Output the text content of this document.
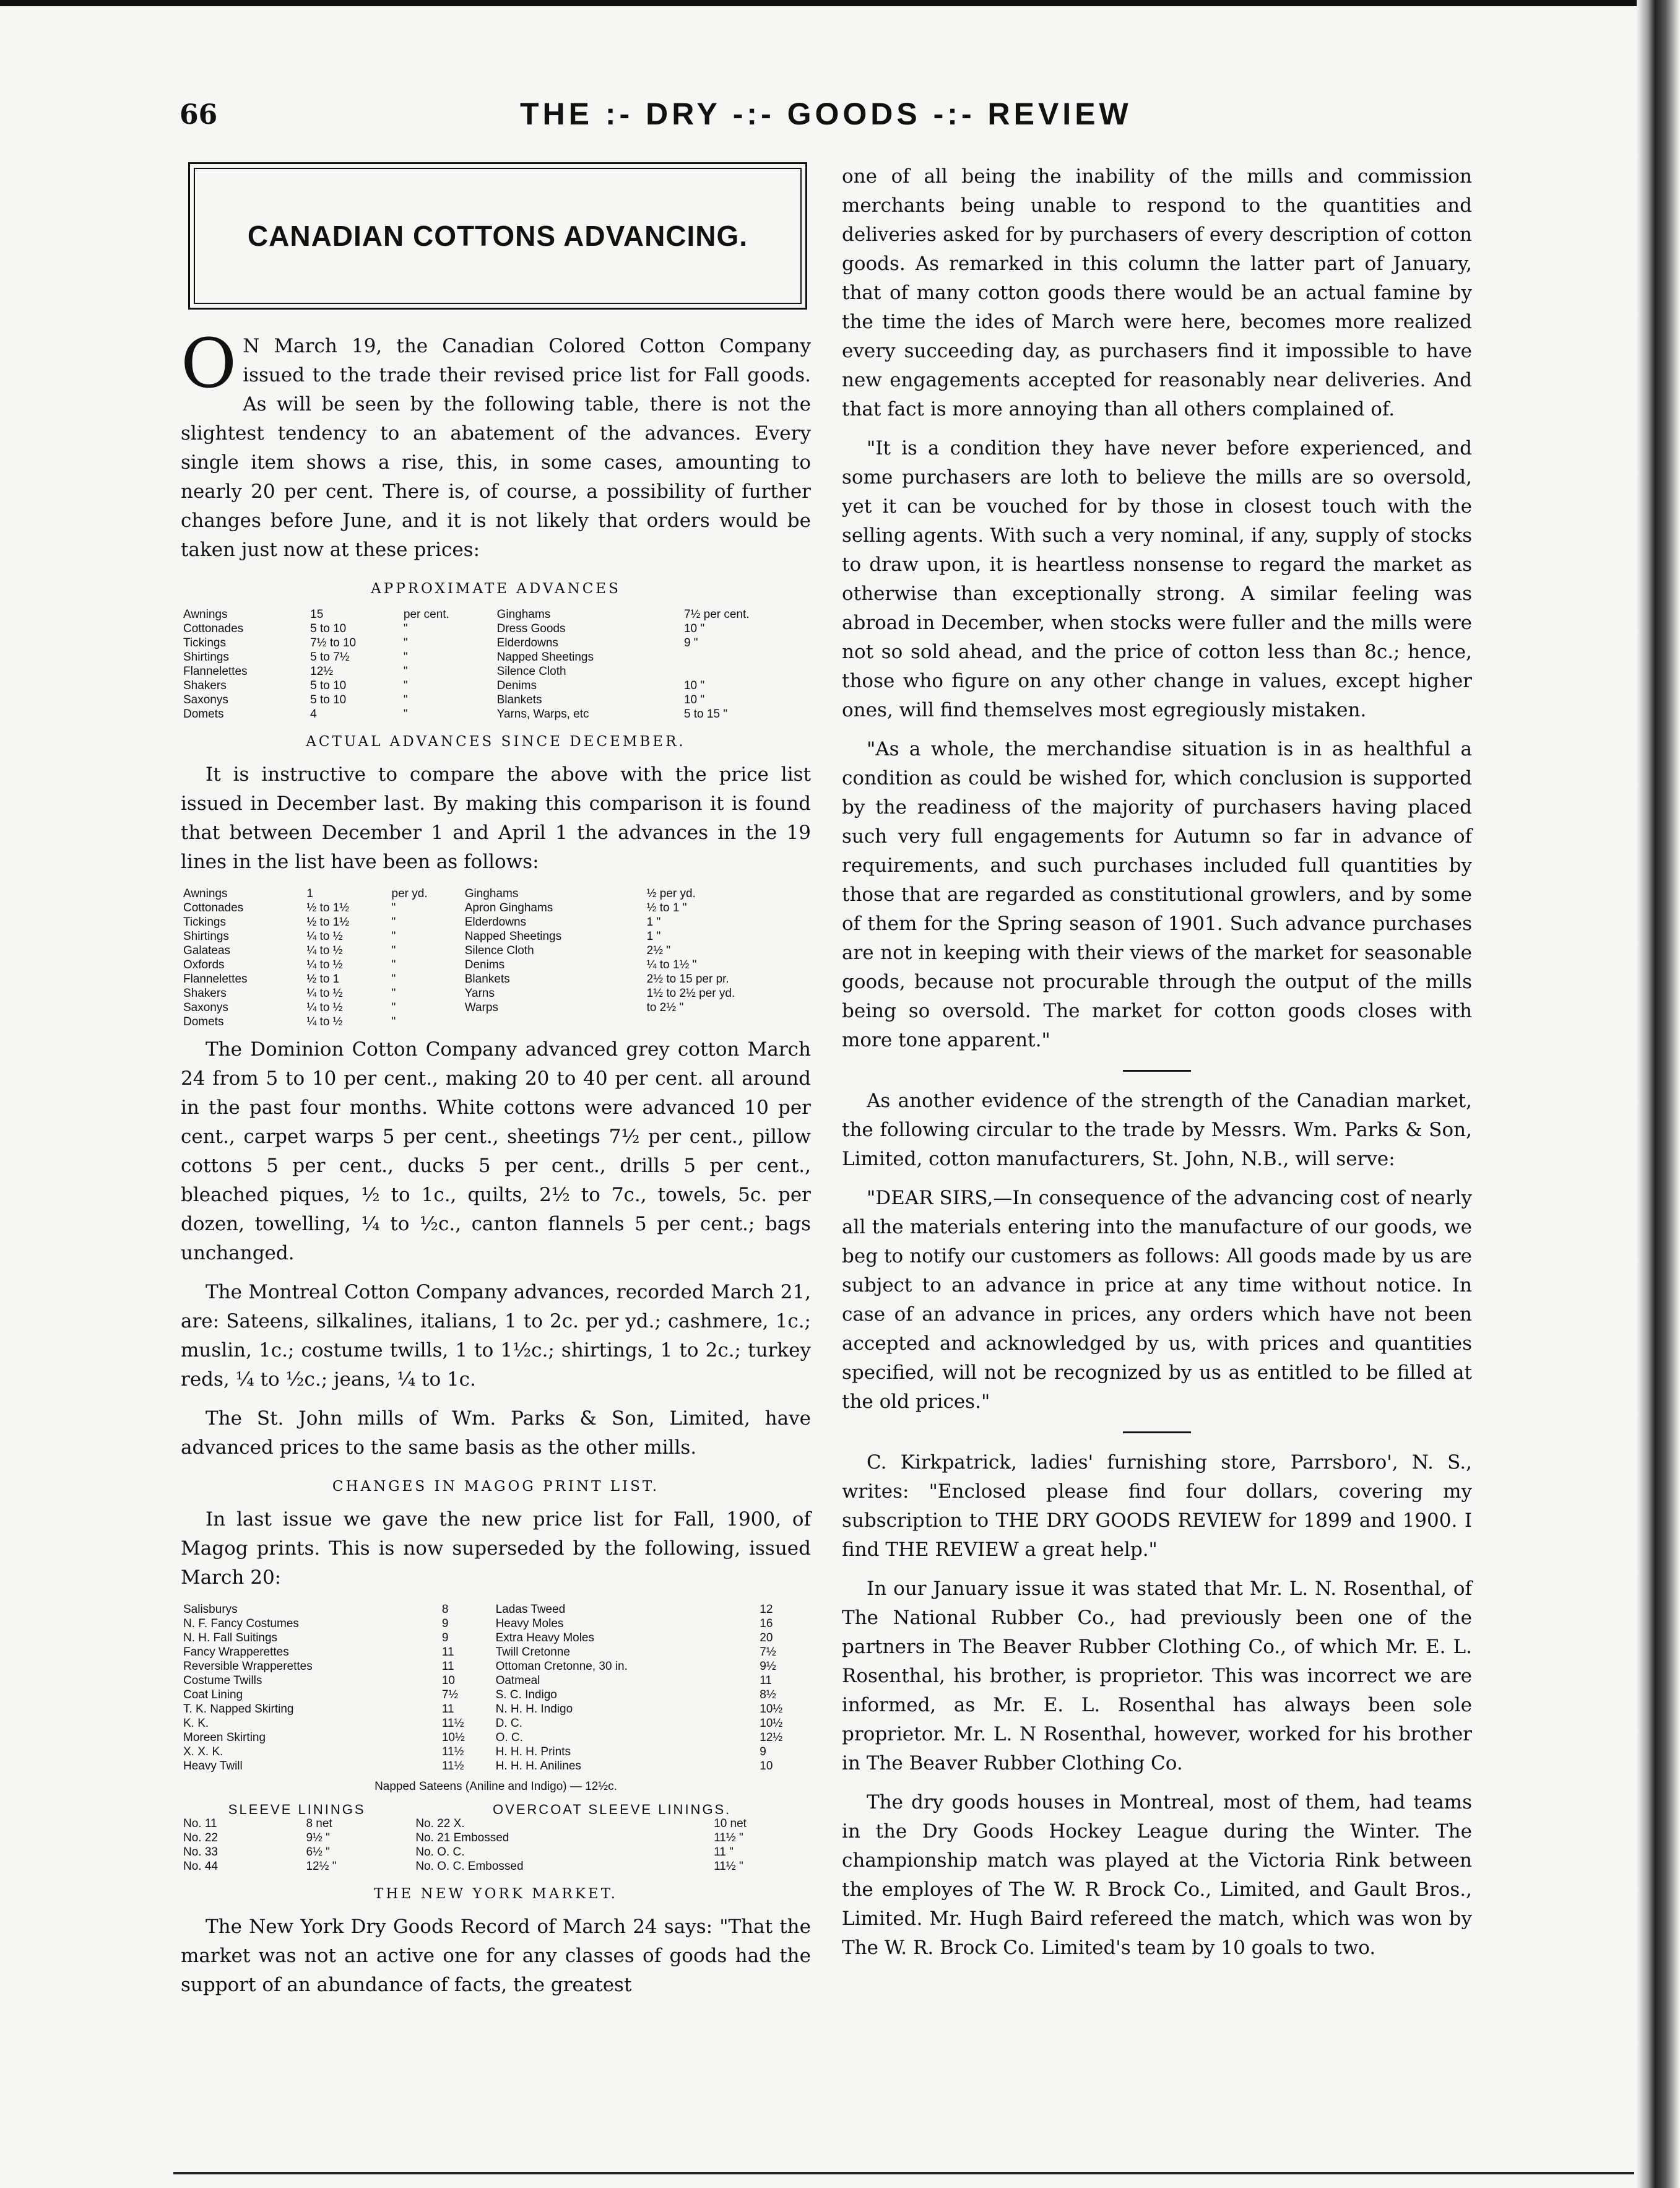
66	THE :- DRY -:- GOODS -:- REVIEW
CANADIAN COTTONS ADVANCING.

O N March 19, the Canadian Colored Cotton Company issued to the trade their revised price list for Fall goods. As will be seen by the following table, there is not the slightest tendency to an abatement of the advances. Every single item shows a rise, this, in some cases, amounting to nearly 20 per cent. There is, of course, a possibility of further changes before June, and it is not likely that orders would be taken just now at these prices:

APPROXIMATE ADVANCES
Awnings	15	per cent.	Ginghams	7½ per cent.
Cottonades	5 to 10	"	Dress Goods	10 "
Tickings	7½ to 10	"	Elderdowns	9 "
Shirtings	5 to 7½	"	Napped Sheetings	
Flannelettes	12½	"	Silence Cloth	
Shakers	5 to 10	"	Denims	10 "
Saxonys	5 to 10	"	Blankets	10 "
Domets	4	"	Yarns, Warps, etc	5 to 15 "
ACTUAL ADVANCES SINCE DECEMBER.

It is instructive to compare the above with the price list issued in December last. By making this comparison it is found that between December 1 and April 1 the advances in the 19 lines in the list have been as follows:

Awnings	1	per yd.	Ginghams	½ per yd.
Cottonades	½ to 1½	"	Apron Ginghams	½ to 1 "
Tickings	½ to 1½	"	Elderdowns	1 "
Shirtings	¼ to ½	"	Napped Sheetings	1 "
Galateas	¼ to ½	"	Silence Cloth	2½ "
Oxfords	¼ to ½	"	Denims	¼ to 1½ "
Flannelettes	½ to 1	"	Blankets	2½ to 15 per pr.
Shakers	¼ to ½	"	Yarns	1½ to 2½ per yd.
Saxonys	¼ to ½	"	Warps	to 2½ "
Domets	¼ to ½	"		

The Dominion Cotton Company advanced grey cotton March 24 from 5 to 10 per cent., making 20 to 40 per cent. all around in the past four months. White cottons were advanced 10 per cent., carpet warps 5 per cent., sheetings 7½ per cent., pillow cottons 5 per cent., ducks 5 per cent., drills 5 per cent., bleached piques, ½ to 1c., quilts, 2½ to 7c., towels, 5c. per dozen, towelling, ¼ to ½c., canton flannels 5 per cent.; bags unchanged.

The Montreal Cotton Company advances, recorded March 21, are: Sateens, silkalines, italians, 1 to 2c. per yd.; cashmere, 1c.; muslin, 1c.; costume twills, 1 to 1½c.; shirtings, 1 to 2c.; turkey reds, ¼ to ½c.; jeans, ¼ to 1c.

The St. John mills of Wm. Parks & Son, Limited, have advanced prices to the same basis as the other mills.

CHANGES IN MAGOG PRINT LIST.

In last issue we gave the new price list for Fall, 1900, of Magog prints. This is now superseded by the following, issued March 20:

Salisburys	8	Ladas Tweed	12
N. F. Fancy Costumes	9	Heavy Moles	16
N. H. Fall Suitings	9	Extra Heavy Moles	20
Fancy Wrapperettes	11	Twill Cretonne	7½
Reversible Wrapperettes	11	Ottoman Cretonne, 30 in.	9½
Costume Twills	10	Oatmeal	11
Coat Lining	7½	S. C. Indigo	8½
T. K. Napped Skirting	11	N. H. H. Indigo	10½
K. K.	11½	D. C.	10½
Moreen Skirting	10½	O. C.	12½
X. X. K.	11½	H. H. H. Prints	9
Heavy Twill	11½	H. H. H. Anilines	10
Napped Sateens (Aniline and Indigo) — 12½c.
SLEEVE LININGS		OVERCOAT SLEEVE LININGS.	
No. 11	8 net	No. 22 X.	10 net
No. 22	9½ "	No. 21 Embossed	11½ "
No. 33	6½ "	No. O. C.	11 "
No. 44	12½ "	No. O. C. Embossed	11½ "
THE NEW YORK MARKET.

The New York Dry Goods Record of March 24 says: "That the market was not an active one for any classes of goods had the support of an abundance of facts, the greatest

one of all being the inability of the mills and commission merchants being unable to respond to the quantities and deliveries asked for by purchasers of every description of cotton goods. As remarked in this column the latter part of January, that of many cotton goods there would be an actual famine by the time the ides of March were here, becomes more realized every succeeding day, as purchasers find it impossible to have new engagements accepted for reasonably near deliveries. And that fact is more annoying than all others complained of.

"It is a condition they have never before experienced, and some purchasers are loth to believe the mills are so oversold, yet it can be vouched for by those in closest touch with the selling agents. With such a very nominal, if any, supply of stocks to draw upon, it is heartless nonsense to regard the market as otherwise than exceptionally strong. A similar feeling was abroad in December, when stocks were fuller and the mills were not so sold ahead, and the price of cotton less than 8c.; hence, those who figure on any other change in values, except higher ones, will find themselves most egregiously mistaken.

"As a whole, the merchandise situation is in as healthful a condition as could be wished for, which conclusion is supported by the readiness of the majority of purchasers having placed such very full engagements for Autumn so far in advance of requirements, and such purchases included full quantities by those that are regarded as constitutional growlers, and by some of them for the Spring season of 1901. Such advance purchases are not in keeping with their views of the market for seasonable goods, because not procurable through the output of the mills being so oversold. The market for cotton goods closes with more tone apparent."

As another evidence of the strength of the Canadian market, the following circular to the trade by Messrs. Wm. Parks & Son, Limited, cotton manufacturers, St. John, N.B., will serve:

"DEAR SIRS,—In consequence of the advancing cost of nearly all the materials entering into the manufacture of our goods, we beg to notify our customers as follows: All goods made by us are subject to an advance in price at any time without notice. In case of an advance in prices, any orders which have not been accepted and acknowledged by us, with prices and quantities specified, will not be recognized by us as entitled to be filled at the old prices."

C. Kirkpatrick, ladies' furnishing store, Parrsboro', N. S., writes: "Enclosed please find four dollars, covering my subscription to THE DRY GOODS REVIEW for 1899 and 1900. I find THE REVIEW a great help."

In our January issue it was stated that Mr. L. N. Rosenthal, of The National Rubber Co., had previously been one of the partners in The Beaver Rubber Clothing Co., of which Mr. E. L. Rosenthal, his brother, is proprietor. This was incorrect we are informed, as Mr. E. L. Rosenthal has always been sole proprietor. Mr. L. N Rosenthal, however, worked for his brother in The Beaver Rubber Clothing Co.

The dry goods houses in Montreal, most of them, had teams in the Dry Goods Hockey League during the Winter. The championship match was played at the Victoria Rink between the employes of The W. R Brock Co., Limited, and Gault Bros., Limited. Mr. Hugh Baird refereed the match, which was won by The W. R. Brock Co. Limited's team by 10 goals to two.
